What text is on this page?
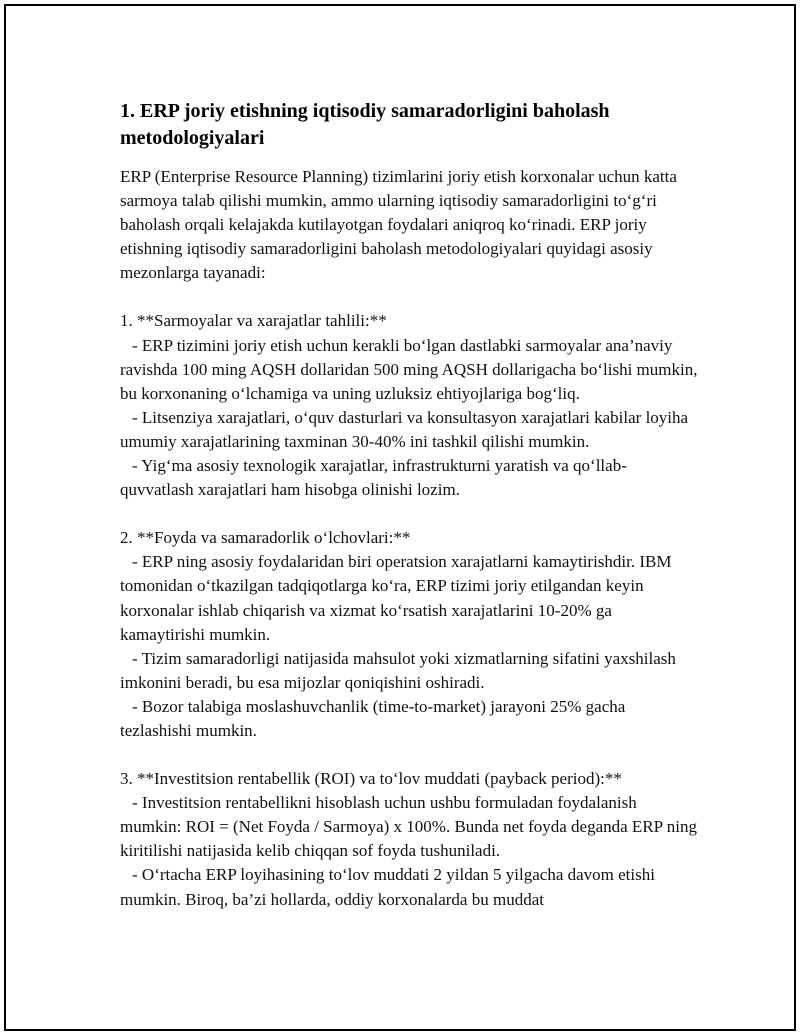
1. ERP joriy etishning iqtisodiy samaradorligini baholash metodologiyalari

ERP (Enterprise Resource Planning) tizimlarini joriy etish korxonalar uchun katta sarmoya talab qilishi mumkin, ammo ularning iqtisodiy samaradorligini to‘g‘ri baholash orqali kelajakda kutilayotgan foydalari aniqroq ko‘rinadi. ERP joriy etishning iqtisodiy samaradorligini baholash metodologiyalari quyidagi asosiy mezonlarga tayanadi:

1. **Sarmoyalar va xarajatlar tahlili:**

- ERP tizimini joriy etish uchun kerakli bo‘lgan dastlabki sarmoyalar ana’naviy ravishda 100 ming AQSH dollaridan 500 ming AQSH dollarigacha bo‘lishi mumkin, bu korxonaning o‘lchamiga va uning uzluksiz ehtiyojlariga bog‘liq.

- Litsenziya xarajatlari, o‘quv dasturlari va konsultasyon xarajatlari kabilar loyiha umumiy xarajatlarining taxminan 30-40% ini tashkil qilishi mumkin.

- Yig‘ma asosiy texnologik xarajatlar, infrastrukturni yaratish va qo‘llab-quvvatlash xarajatlari ham hisobga olinishi lozim.

2. **Foyda va samaradorlik o‘lchovlari:**

- ERP ning asosiy foydalaridan biri operatsion xarajatlarni kamaytirishdir. IBM tomonidan o‘tkazilgan tadqiqotlarga ko‘ra, ERP tizimi joriy etilgandan keyin korxonalar ishlab chiqarish va xizmat ko‘rsatish xarajatlarini 10-20% ga kamaytirishi mumkin.

- Tizim samaradorligi natijasida mahsulot yoki xizmatlarning sifatini yaxshilash imkonini beradi, bu esa mijozlar qoniqishini oshiradi.

- Bozor talabiga moslashuvchanlik (time-to-market) jarayoni 25% gacha tezlashishi mumkin.

3. **Investitsion rentabellik (ROI) va to‘lov muddati (payback period):**

- Investitsion rentabellikni hisoblash uchun ushbu formuladan foydalanish mumkin: ROI = (Net Foyda / Sarmoya) x 100%. Bunda net foyda deganda ERP ning kiritilishi natijasida kelib chiqqan sof foyda tushuniladi.

- O‘rtacha ERP loyihasining to‘lov muddati 2 yildan 5 yilgacha davom etishi mumkin. Biroq, ba’zi hollarda, oddiy korxonalarda bu muddat
